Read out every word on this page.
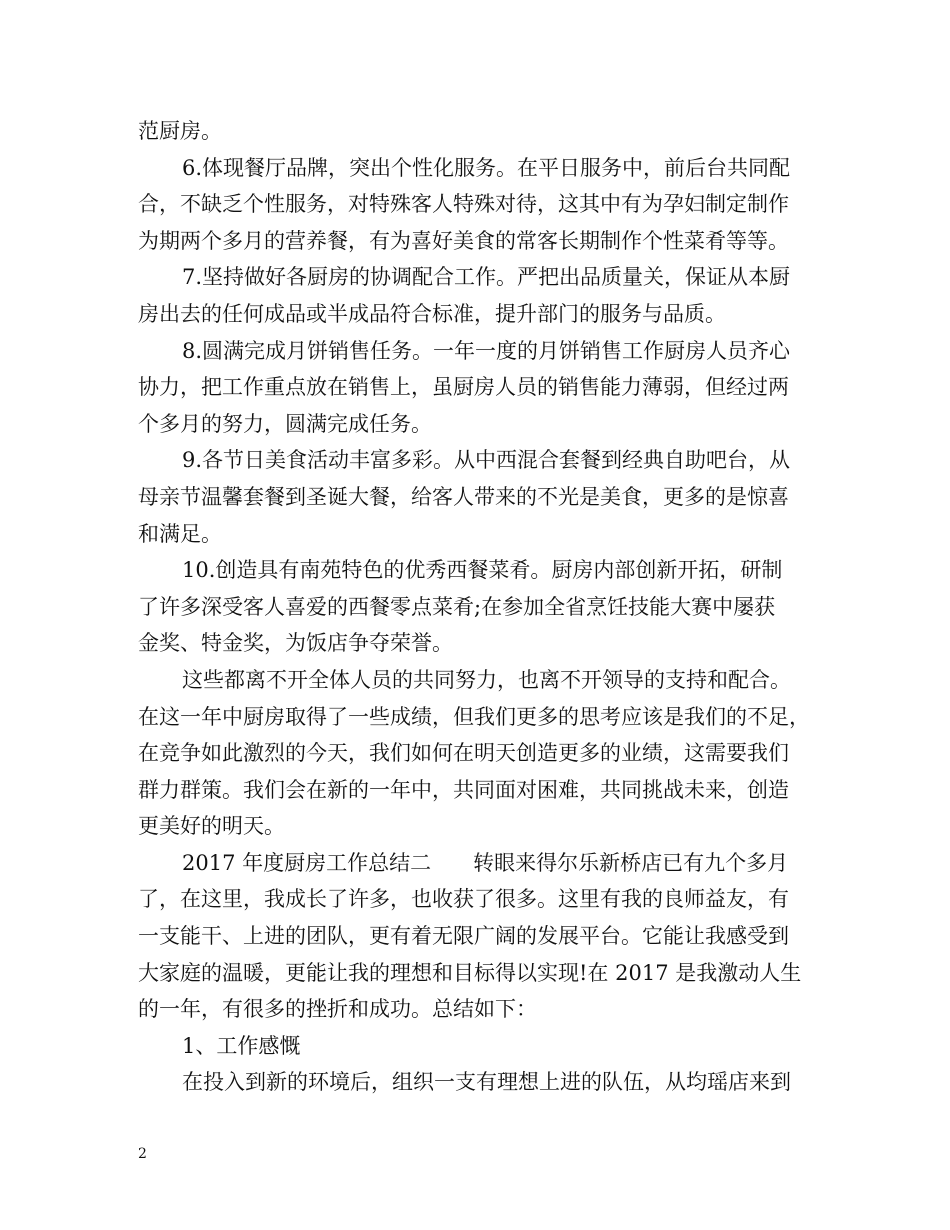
范厨房。
6.体现餐厅品牌，突出个性化服务。在平日服务中，前后台共同配
合，不缺乏个性服务，对特殊客人特殊对待，这其中有为孕妇制定制作
为期两个多月的营养餐，有为喜好美食的常客长期制作个性菜肴等等。
7.坚持做好各厨房的协调配合工作。严把出品质量关，保证从本厨
房出去的任何成品或半成品符合标准，提升部门的服务与品质。
8.圆满完成月饼销售任务。一年一度的月饼销售工作厨房人员齐心
协力，把工作重点放在销售上，虽厨房人员的销售能力薄弱，但经过两
个多月的努力，圆满完成任务。
9.各节日美食活动丰富多彩。从中西混合套餐到经典自助吧台，从
母亲节温馨套餐到圣诞大餐，给客人带来的不光是美食，更多的是惊喜
和满足。
10.创造具有南苑特色的优秀西餐菜肴。厨房内部创新开拓，研制
了许多深受客人喜爱的西餐零点菜肴;在参加全省烹饪技能大赛中屡获
金奖、特金奖，为饭店争夺荣誉。
这些都离不开全体人员的共同努力，也离不开领导的支持和配合。
在这一年中厨房取得了一些成绩，但我们更多的思考应该是我们的不足，
在竞争如此激烈的今天，我们如何在明天创造更多的业绩，这需要我们
群力群策。我们会在新的一年中，共同面对困难，共同挑战未来，创造
更美好的明天。
2017 年度厨房工作总结二　　转眼来得尔乐新桥店已有九个多月
了，在这里，我成长了许多，也收获了很多。这里有我的良师益友，有
一支能干、上进的团队，更有着无限广阔的发展平台。它能让我感受到
大家庭的温暖，更能让我的理想和目标得以实现!在 2017 是我激动人生
的一年，有很多的挫折和成功。总结如下：
1、工作感慨
在投入到新的环境后，组织一支有理想上进的队伍，从均瑶店来到
2
